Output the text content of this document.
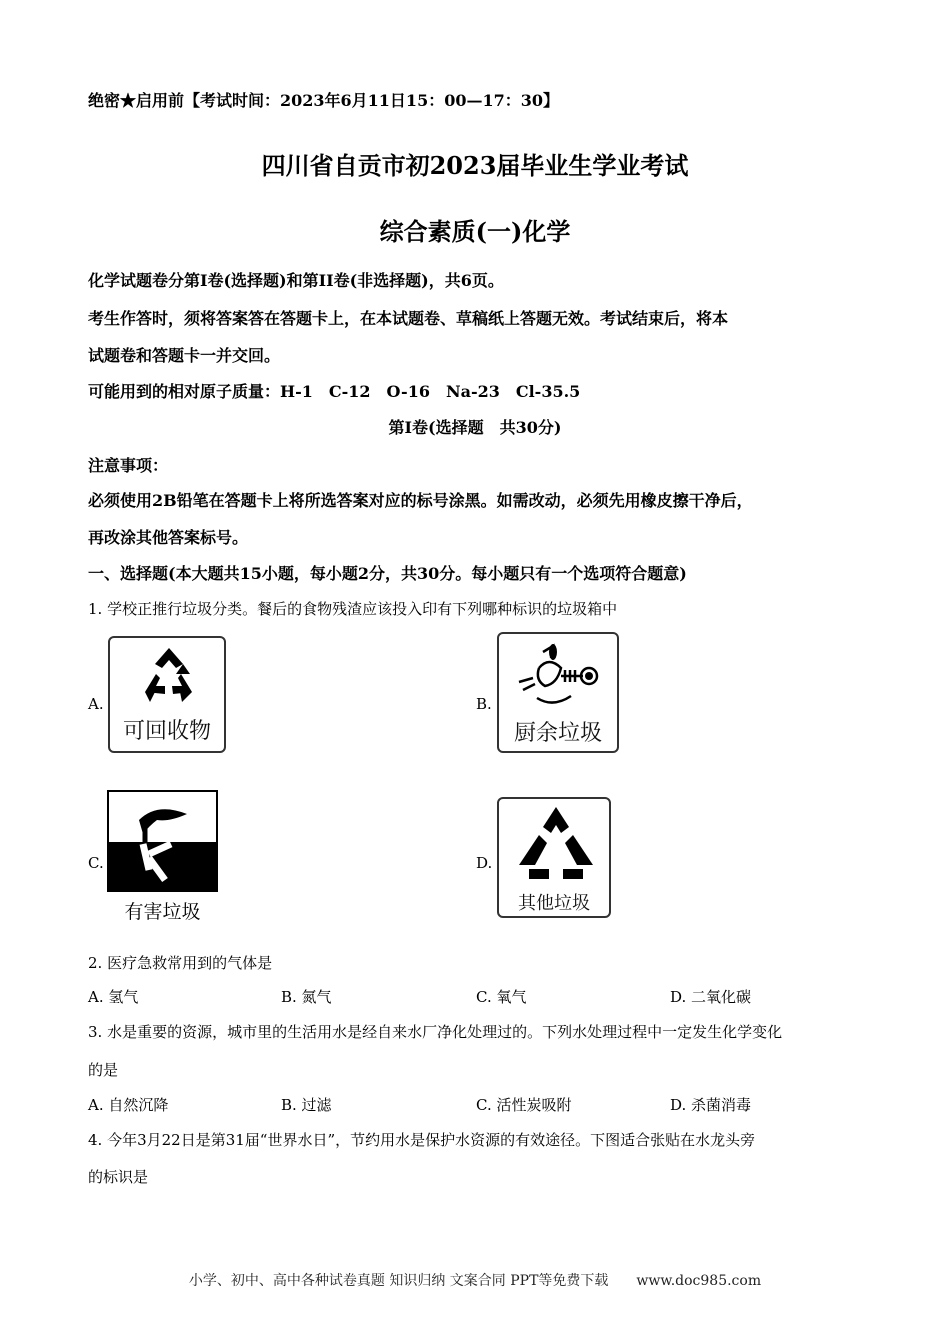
绝密★启用前【考试时间：2023年6月11日15：00—17：30】
四川省自贡市初2023届毕业生学业考试
综合素质(一)化学
化学试题卷分第I卷(选择题)和第II卷(非选择题)，共6页。
考生作答时，须将答案答在答题卡上，在本试题卷、草稿纸上答题无效。考试结束后，将本
试题卷和答题卡一并交回。
可能用到的相对原子质量：H-1　C-12　O-16　Na-23　Cl-35.5
第I卷(选择题　共30分)
注意事项：
必须使用2B铅笔在答题卡上将所选答案对应的标号涂黑。如需改动，必须先用橡皮擦干净后，
再改涂其他答案标号。
一、选择题(本大题共15小题，每小题2分，共30分。每小题只有一个选项符合题意)
1. 学校正推行垃圾分类。餐后的食物残渣应该投入印有下列哪种标识的垃圾箱中
A.
可回收物
B.
厨余垃圾
C.
有害垃圾
D.
其他垃圾
2. 医疗急救常用到的气体是
A. 氢气	B. 氮气	C. 氧气	D. 二氧化碳
3. 水是重要的资源，城市里的生活用水是经自来水厂净化处理过的。下列水处理过程中一定发生化学变化
的是
A. 自然沉降	B. 过滤	C. 活性炭吸附	D. 杀菌消毒
4. 今年3月22日是第31届“世界水日”，节约用水是保护水资源的有效途径。下图适合张贴在水龙头旁
的标识是
小学、初中、高中各种试卷真题 知识归纳 文案合同 PPT等免费下载　　www.doc985.com
